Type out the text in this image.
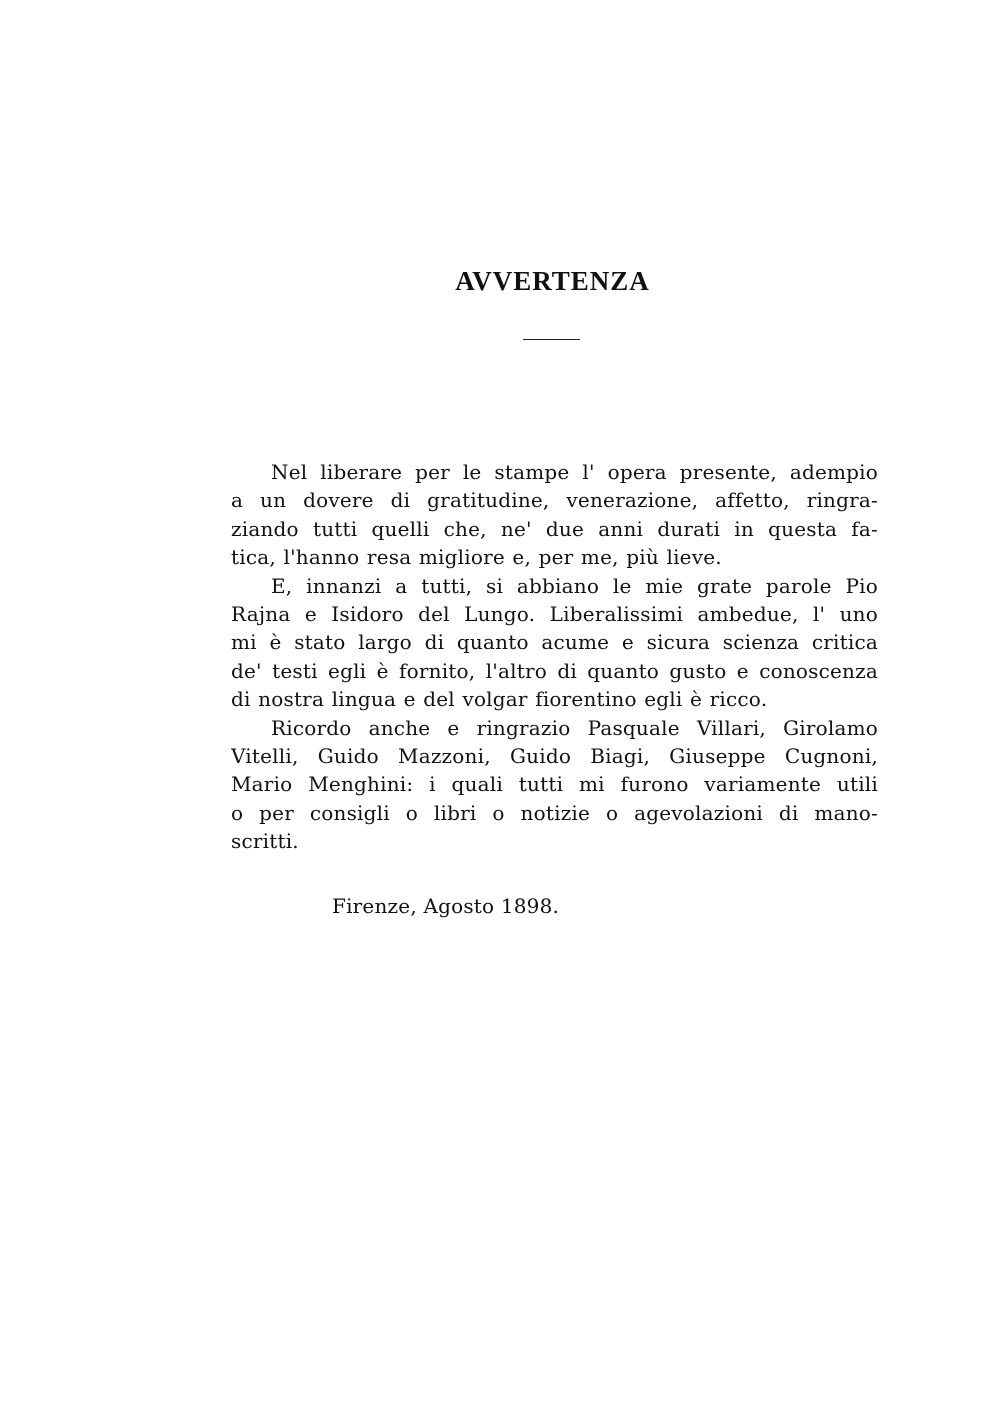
AVVERTENZA
Nel liberare per le stampe l' opera presente, adempio
a un dovere di gratitudine, venerazione, affetto, ringra-
ziando tutti quelli che, ne' due anni durati in questa fa-
tica, l'hanno resa migliore e, per me, più lieve.
E, innanzi a tutti, si abbiano le mie grate parole Pio
Rajna e Isidoro del Lungo. Liberalissimi ambedue, l' uno
mi è stato largo di quanto acume e sicura scienza critica
de' testi egli è fornito, l'altro di quanto gusto e conoscenza
di nostra lingua e del volgar fiorentino egli è ricco.
Ricordo anche e ringrazio Pasquale Villari, Girolamo
Vitelli, Guido Mazzoni, Guido Biagi, Giuseppe Cugnoni,
Mario Menghini: i quali tutti mi furono variamente utili
o per consigli o libri o notizie o agevolazioni di mano-
scritti.
Firenze, Agosto 1898.
